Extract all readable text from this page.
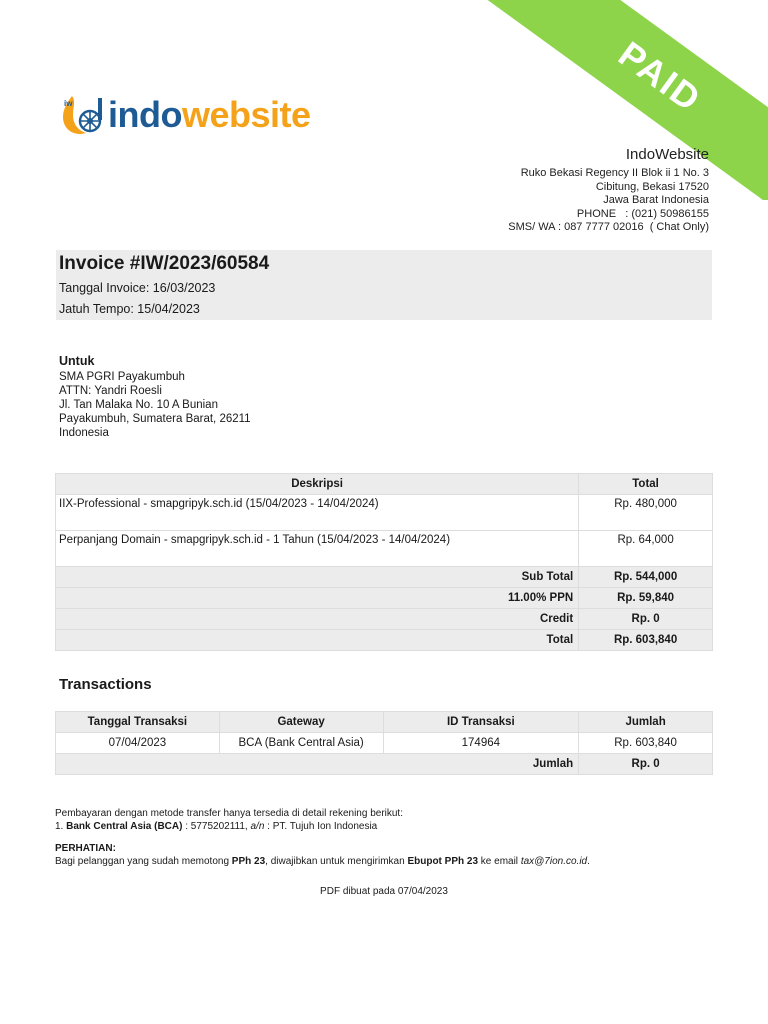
PAID
iw indowebsite
IndoWebsite
Ruko Bekasi Regency II Blok ii 1 No. 3
Cibitung, Bekasi 17520
Jawa Barat Indonesia
PHONE   : (021) 50986155
SMS/ WA : 087 7777 02016  ( Chat Only)
Invoice #IW/2023/60584
Tanggal Invoice: 16/03/2023
Jatuh Tempo: 15/04/2023
Untuk
SMA PGRI Payakumbuh
ATTN: Yandri Roesli
Jl. Tan Malaka No. 10 A Bunian
Payakumbuh, Sumatera Barat, 26211
Indonesia
Deskripsi	Total
IIX-Professional - smapgripyk.sch.id (15/04/2023 - 14/04/2024)	Rp. 480,000
Perpanjang Domain - smapgripyk.sch.id - 1 Tahun (15/04/2023 - 14/04/2024)	Rp. 64,000
Sub Total	Rp. 544,000
11.00% PPN	Rp. 59,840
Credit	Rp. 0
Total	Rp. 603,840
Transactions
Tanggal Transaksi	Gateway	ID Transaksi	Jumlah
07/04/2023	BCA (Bank Central Asia)	174964	Rp. 603,840
Jumlah			Rp. 0
Pembayaran dengan metode transfer hanya tersedia di detail rekening berikut:
1. Bank Central Asia (BCA) : 5775202111, a/n : PT. Tujuh Ion Indonesia
PERHATIAN:
Bagi pelanggan yang sudah memotong PPh 23, diwajibkan untuk mengirimkan Ebupot PPh 23 ke email tax@7ion.co.id.
PDF dibuat pada 07/04/2023
